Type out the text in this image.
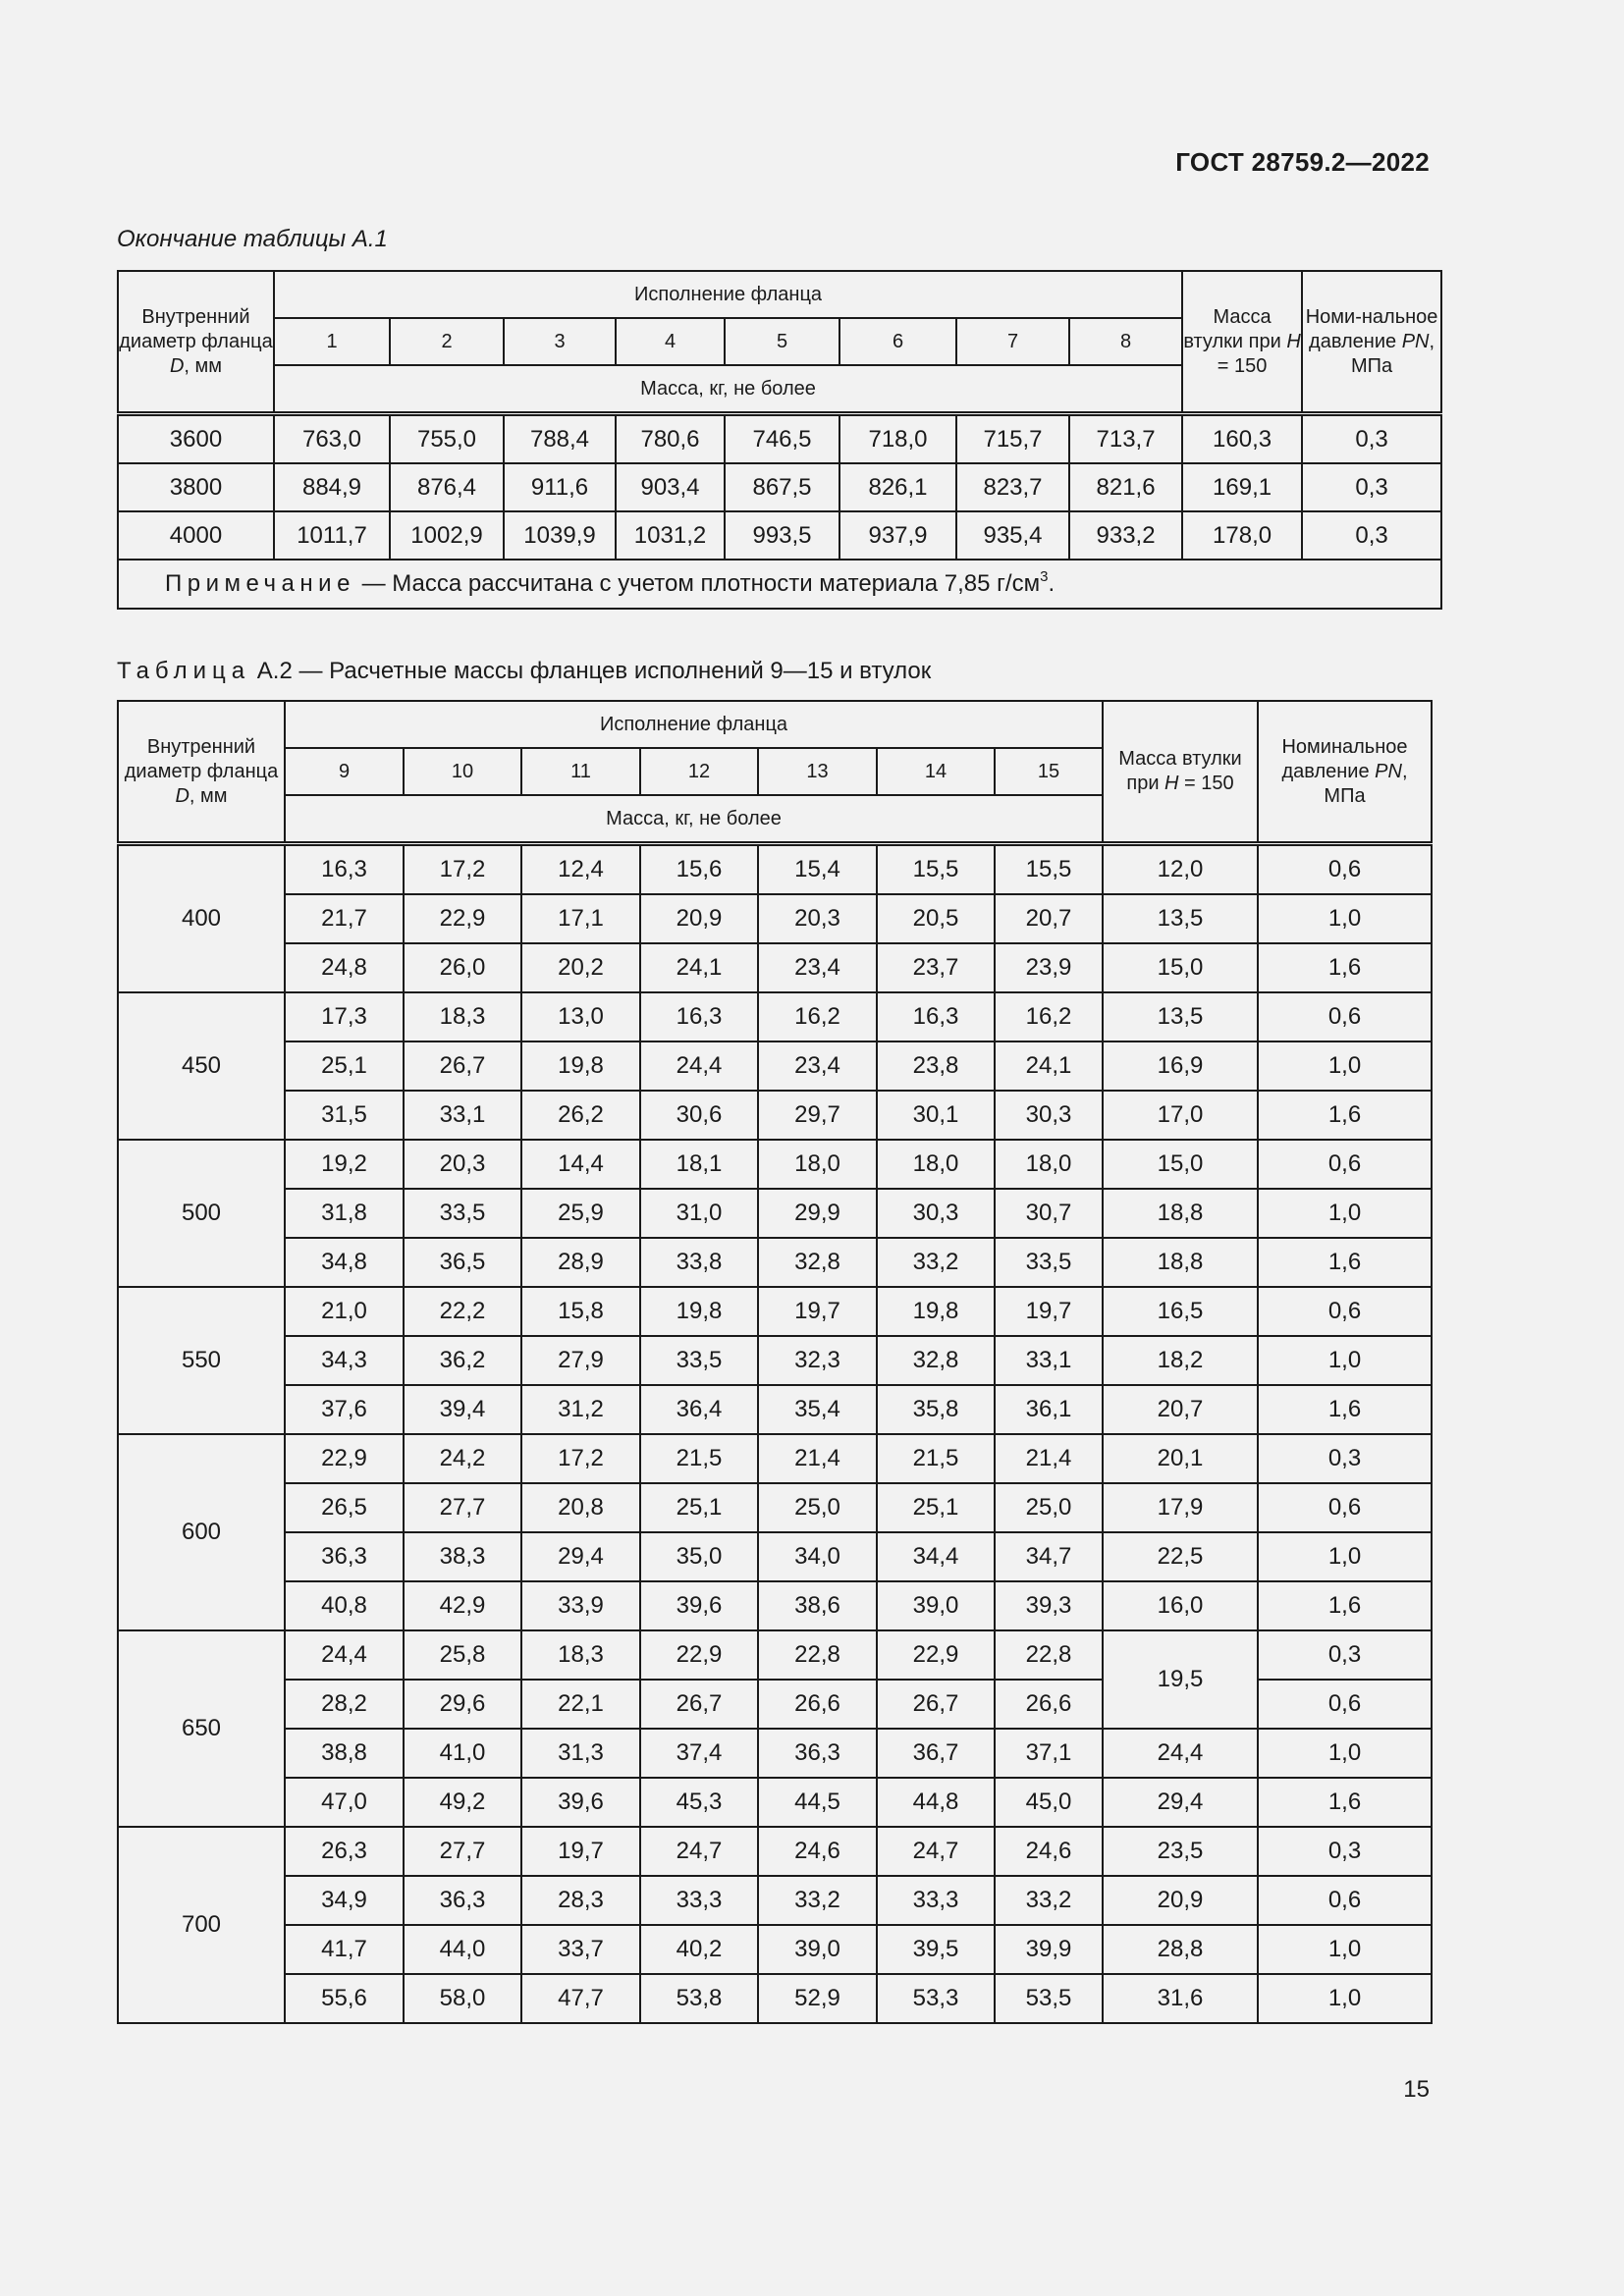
ГОСТ 28759.2—2022
Окончание таблицы А.1
Внутренний диаметр фланца D, мм	Исполнение фланца								Масса втулки при H = 150	Номи-нальное давление PN, МПа
	1	2	3	4	5	6	7	8		
	Масса, кг, не более									
3600	763,0	755,0	788,4	780,6	746,5	718,0	715,7	713,7	160,3	0,3
3800	884,9	876,4	911,6	903,4	867,5	826,1	823,7	821,6	169,1	0,3
4000	1011,7	1002,9	1039,9	1031,2	993,5	937,9	935,4	933,2	178,0	0,3
Примечание — Масса рассчитана с учетом плотности материала 7,85 $г/см^3$.										
Таблица А.2 — Расчетные массы фланцев исполнений 9—15 и втулок
Внутренний диаметр фланца D, мм	Исполнение фланца							Масса втулки при H = 150	Номинальное давление PN, МПа
	9	10	11	12	13	14	15		
	Масса, кг, не более								
400	16,3	17,2	12,4	15,6	15,4	15,5	15,5	12,0	0,6
	21,7	22,9	17,1	20,9	20,3	20,5	20,7	13,5	1,0
	24,8	26,0	20,2	24,1	23,4	23,7	23,9	15,0	1,6
450	17,3	18,3	13,0	16,3	16,2	16,3	16,2	13,5	0,6
	25,1	26,7	19,8	24,4	23,4	23,8	24,1	16,9	1,0
	31,5	33,1	26,2	30,6	29,7	30,1	30,3	17,0	1,6
500	19,2	20,3	14,4	18,1	18,0	18,0	18,0	15,0	0,6
	31,8	33,5	25,9	31,0	29,9	30,3	30,7	18,8	1,0
	34,8	36,5	28,9	33,8	32,8	33,2	33,5	18,8	1,6
550	21,0	22,2	15,8	19,8	19,7	19,8	19,7	16,5	0,6
	34,3	36,2	27,9	33,5	32,3	32,8	33,1	18,2	1,0
	37,6	39,4	31,2	36,4	35,4	35,8	36,1	20,7	1,6
600	22,9	24,2	17,2	21,5	21,4	21,5	21,4	20,1	0,3
	26,5	27,7	20,8	25,1	25,0	25,1	25,0	17,9	0,6
	36,3	38,3	29,4	35,0	34,0	34,4	34,7	22,5	1,0
	40,8	42,9	33,9	39,6	38,6	39,0	39,3	16,0	1,6
650	24,4	25,8	18,3	22,9	22,8	22,9	22,8	19,5	0,3
	28,2	29,6	22,1	26,7	26,6	26,7	26,6		0,6
	38,8	41,0	31,3	37,4	36,3	36,7	37,1	24,4	1,0
	47,0	49,2	39,6	45,3	44,5	44,8	45,0	29,4	1,6
700	26,3	27,7	19,7	24,7	24,6	24,7	24,6	23,5	0,3
	34,9	36,3	28,3	33,3	33,2	33,3	33,2	20,9	0,6
	41,7	44,0	33,7	40,2	39,0	39,5	39,9	28,8	1,0
	55,6	58,0	47,7	53,8	52,9	53,3	53,5	31,6	1,0
15
